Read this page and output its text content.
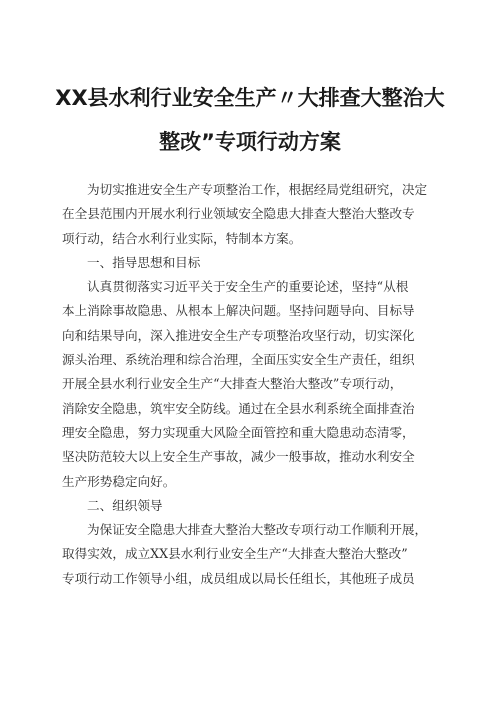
XX县水利行业安全生产〃大排查大整治大
整改”专项行动方案
为切实推进安全生产专项整治工作，根据经局党组研究，决定
在全县范围内开展水利行业领域安全隐患大排查大整治大整改专
项行动，结合水利行业实际，特制本方案。
一、指导思想和目标
认真贯彻落实习近平关于安全生产的重要论述，坚持“从根
本上消除事故隐患、从根本上解决问题。坚持问题导向、目标导
向和结果导向，深入推进安全生产专项整治攻坚行动，切实深化
源头治理、系统治理和综合治理，全面压实安全生产责任，组织
开展全县水利行业安全生产“大排查大整治大整改”专项行动，
消除安全隐患，筑牢安全防线。通过在全县水利系统全面排查治
理安全隐患，努力实现重大风险全面管控和重大隐患动态清零，
坚决防范较大以上安全生产事故，减少一般事故，推动水利安全
生产形势稳定向好。
二、组织领导
为保证安全隐患大排查大整治大整改专项行动工作顺利开展，
取得实效，成立XX县水利行业安全生产“大排查大整治大整改”
专项行动工作领导小组，成员组成以局长任组长，其他班子成员
